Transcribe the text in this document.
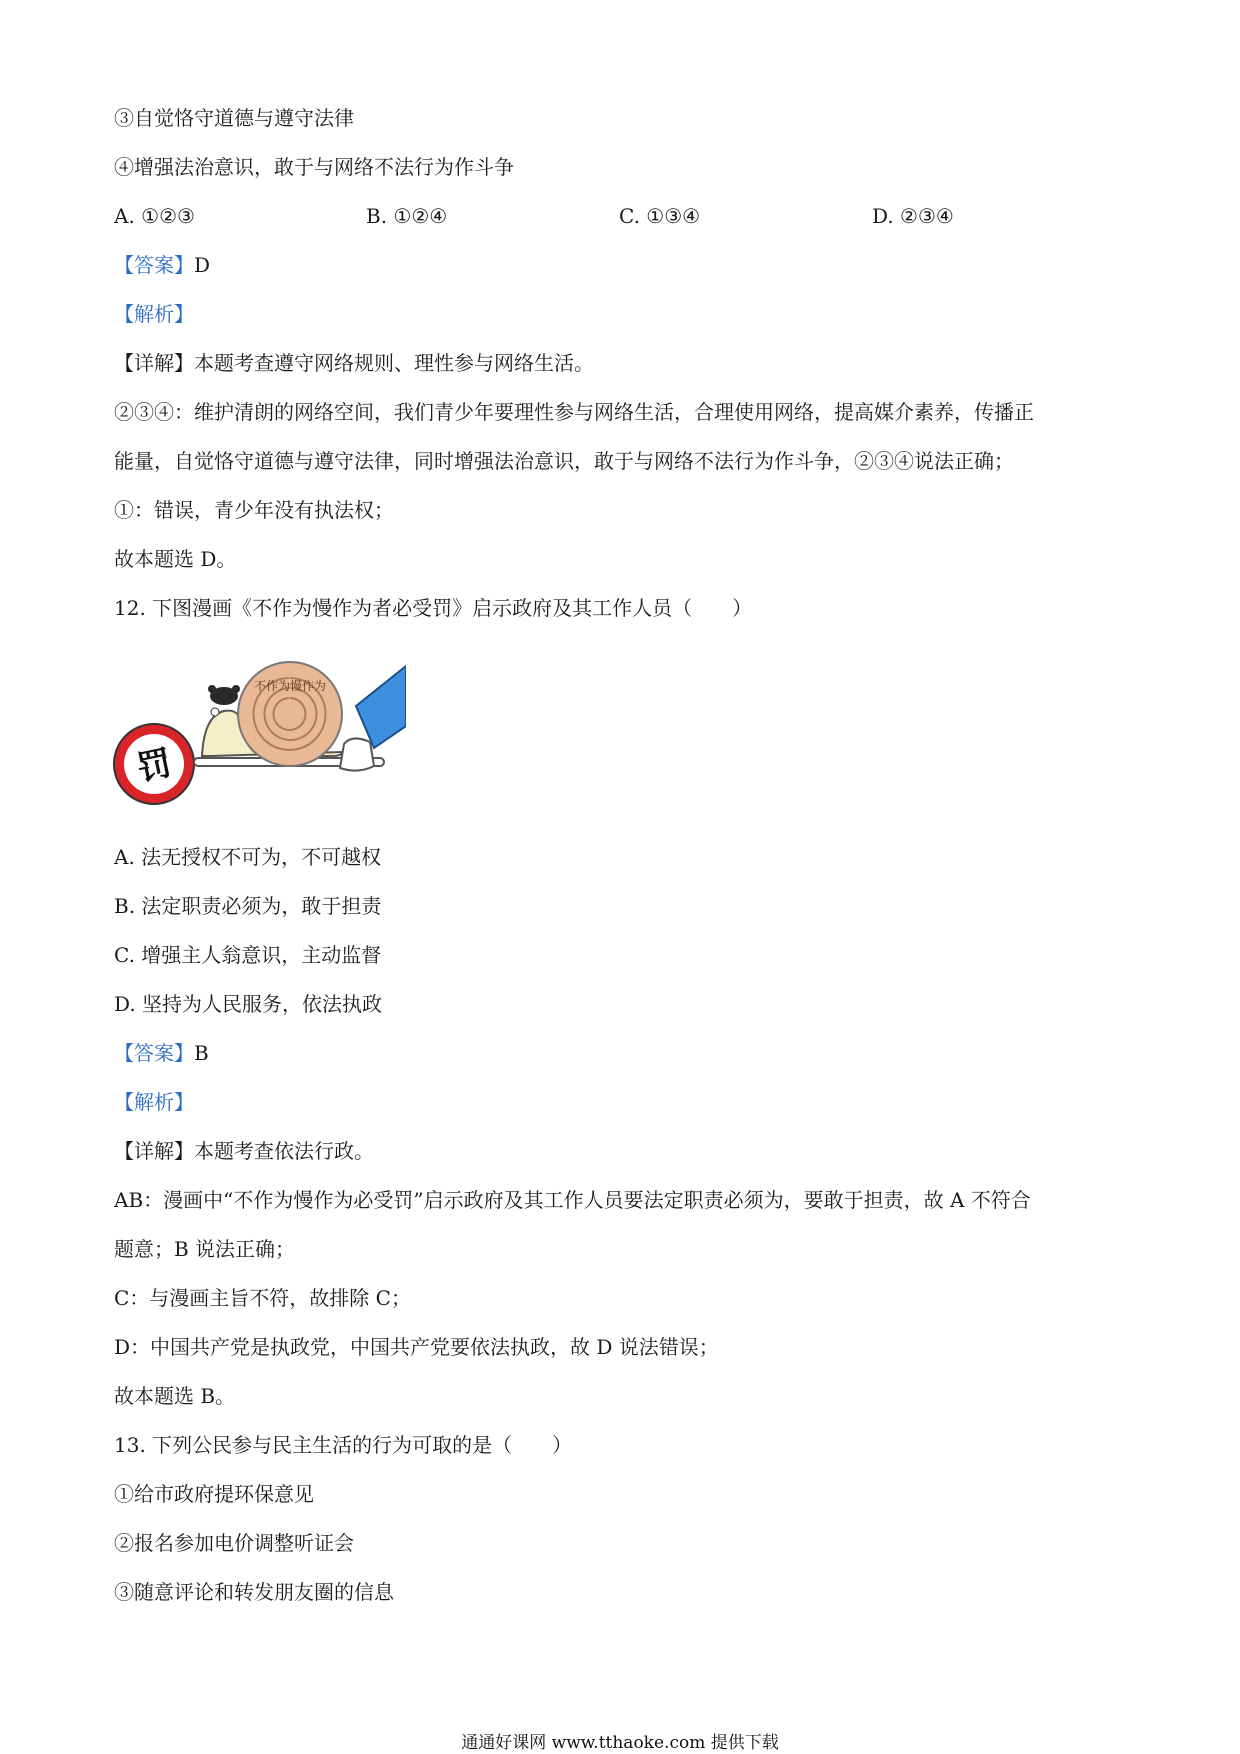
③自觉恪守道德与遵守法律
④增强法治意识，敢于与网络不法行为作斗争
A. ①②③	B. ①②④	C. ①③④	D. ②③④
【答案】D
【解析】
【详解】本题考查遵守网络规则、理性参与网络生活。
②③④：维护清朗的网络空间，我们青少年要理性参与网络生活，合理使用网络，提高媒介素养，传播正
能量，自觉恪守道德与遵守法律，同时增强法治意识，敢于与网络不法行为作斗争，②③④说法正确；
①：错误，青少年没有执法权；
故本题选 D。
12. 下图漫画《不作为慢作为者必受罚》启示政府及其工作人员（　　）
罚
不作为慢作为
A. 法无授权不可为，不可越权
B. 法定职责必须为，敢于担责
C. 增强主人翁意识，主动监督
D. 坚持为人民服务，依法执政
【答案】B
【解析】
【详解】本题考查依法行政。
AB：漫画中“不作为慢作为必受罚”启示政府及其工作人员要法定职责必须为，要敢于担责，故 A 不符合
题意；B 说法正确；
C：与漫画主旨不符，故排除 C；
D：中国共产党是执政党，中国共产党要依法执政，故 D 说法错误；
故本题选 B。
13. 下列公民参与民主生活的行为可取的是（　　）
①给市政府提环保意见
②报名参加电价调整听证会
③随意评论和转发朋友圈的信息
通通好课网 www.tthaoke.com 提供下载
